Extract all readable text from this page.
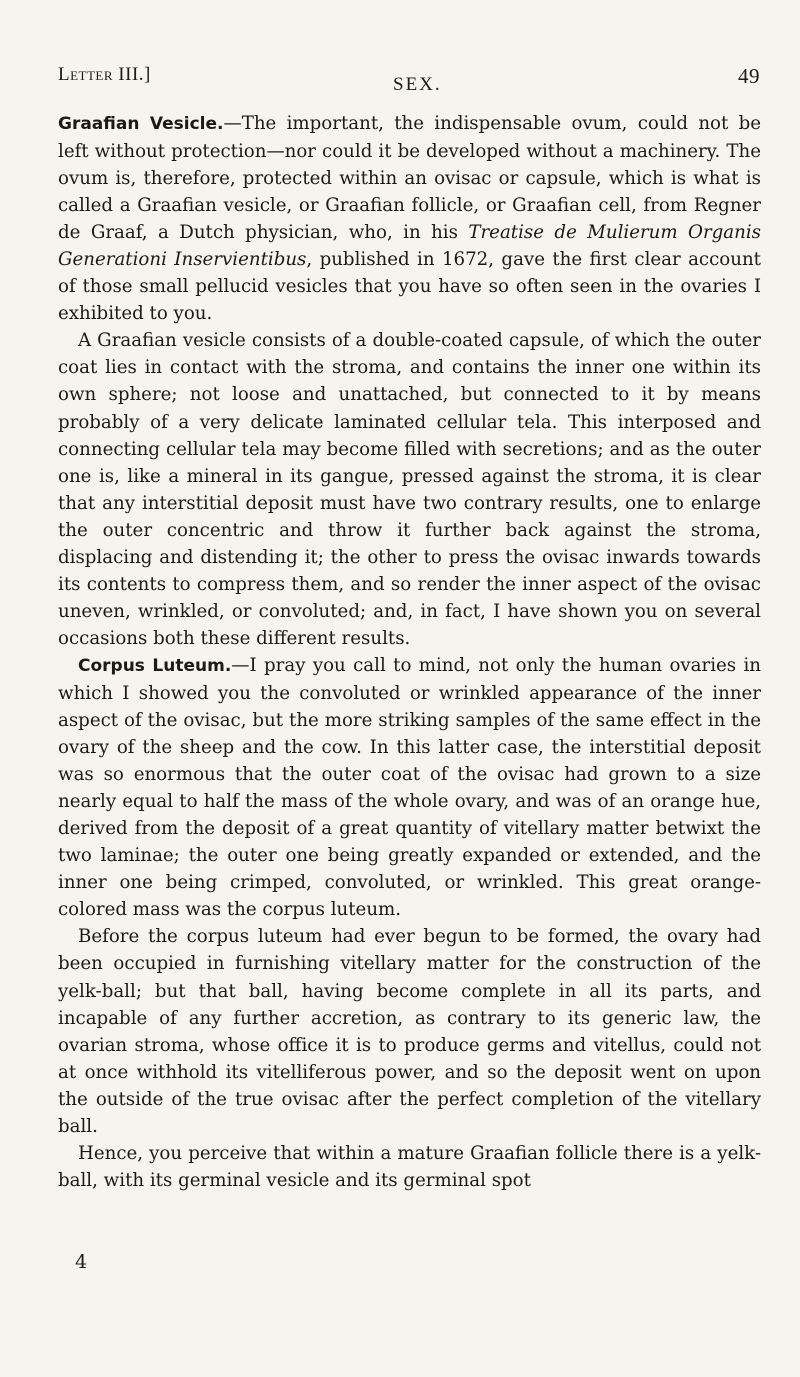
Letter III.]	SEX.	49

Graafian Vesicle.—The important, the indispensable ovum, could not be left without protection—nor could it be developed without a machinery. The ovum is, therefore, protected within an ovisac or capsule, which is what is called a Graafian vesicle, or Graafian follicle, or Graafian cell, from Regner de Graaf, a Dutch physician, who, in his Treatise de Mulierum Organis Generationi Inservientibus, published in 1672, gave the first clear account of those small pellucid vesicles that you have so often seen in the ovaries I exhibited to you.

A Graafian vesicle consists of a double-coated capsule, of which the outer coat lies in contact with the stroma, and contains the inner one within its own sphere; not loose and unattached, but connected to it by means probably of a very delicate laminated cellular tela. This interposed and connecting cellular tela may become filled with secretions; and as the outer one is, like a mineral in its gangue, pressed against the stroma, it is clear that any interstitial deposit must have two contrary results, one to enlarge the outer concentric and throw it further back against the stroma, displacing and distending it; the other to press the ovisac inwards towards its contents to compress them, and so render the inner aspect of the ovisac uneven, wrinkled, or convoluted; and, in fact, I have shown you on several occasions both these different results.

Corpus Luteum.—I pray you call to mind, not only the human ovaries in which I showed you the convoluted or wrinkled appearance of the inner aspect of the ovisac, but the more striking samples of the same effect in the ovary of the sheep and the cow. In this latter case, the interstitial deposit was so enormous that the outer coat of the ovisac had grown to a size nearly equal to half the mass of the whole ovary, and was of an orange hue, derived from the deposit of a great quantity of vitellary matter betwixt the two laminae; the outer one being greatly expanded or extended, and the inner one being crimped, convoluted, or wrinkled. This great orange-colored mass was the corpus luteum.

Before the corpus luteum had ever begun to be formed, the ovary had been occupied in furnishing vitellary matter for the construction of the yelk-ball; but that ball, having become complete in all its parts, and incapable of any further accretion, as contrary to its generic law, the ovarian stroma, whose office it is to produce germs and vitellus, could not at once withhold its vitelliferous power, and so the deposit went on upon the outside of the true ovisac after the perfect completion of the vitellary ball.

Hence, you perceive that within a mature Graafian follicle there is a yelk-ball, with its germinal vesicle and its germinal spot

4
